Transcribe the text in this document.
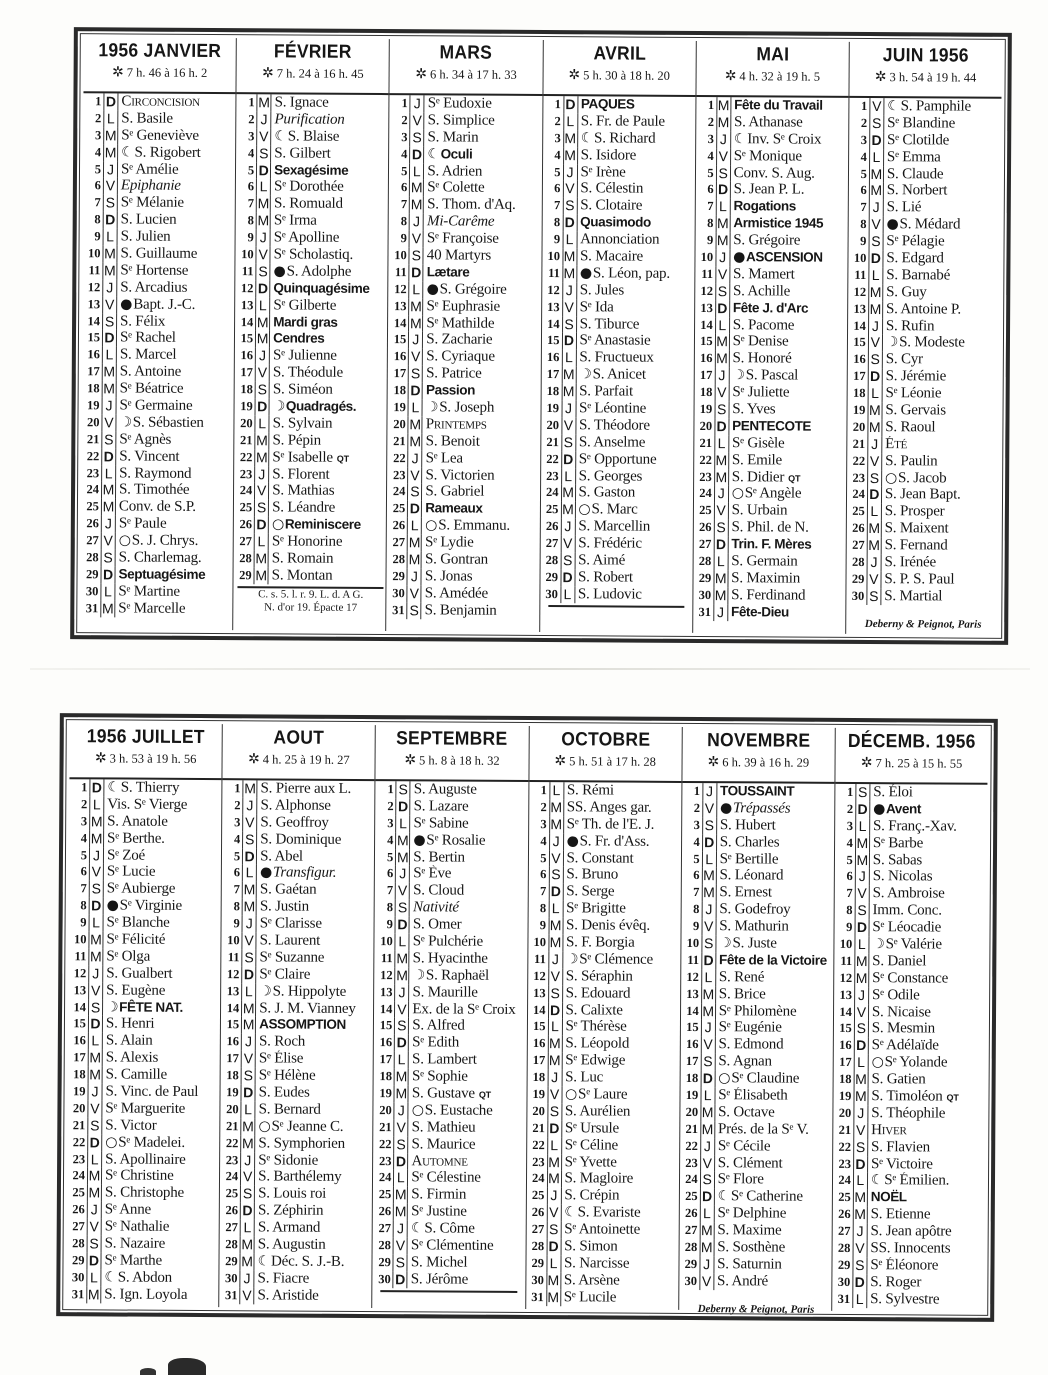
1956 JANVIER
✲ 7 h. 46 à 16 h. 2
1 D Circoncision
2 L S. Basile
3 M Sᵉ Geneviève
4 M ☾S. Rigobert
5 J Sᵉ Amélie
6 V Epiphanie
7 S Sᵉ Mélanie
8 D S. Lucien
9 L S. Julien
10 M S. Guillaume
11 M Sᵉ Hortense
12 J S. Arcadius
13 V ●Bapt. J.-C.
14 S S. Félix
15 D Sᵉ Rachel
16 L S. Marcel
17 M S. Antoine
18 M Sᵉ Béatrice
19 J Sᵉ Germaine
20 V ☽S. Sébastien
21 S Sᵉ Agnès
22 D S. Vincent
23 L S. Raymond
24 M S. Timothée
25 M Conv. de S.P.
26 J Sᵉ Paule
27 V ○S. J. Chrys.
28 S S. Charlemag.
29 D Septuagésime
30 L Sᵉ Martine
31 M Sᵉ Marcelle
FÉVRIER
✲ 7 h. 24 à 16 h. 45
1 M S. Ignace
2 J Purification
3 V ☾S. Blaise
4 S S. Gilbert
5 D Sexagésime
6 L Sᵉ Dorothée
7 M S. Romuald
8 M Sᵉ Irma
9 J Sᵉ Apolline
10 V Sᵉ Scholastiq.
11 S ●S. Adolphe
12 D Quinquagésime
13 L Sᵉ Gilberte
14 M Mardi gras
15 M Cendres
16 J Sᵉ Julienne
17 V S. Théodule
18 S S. Siméon
19 D ☽Quadragés.
20 L S. Sylvain
21 M S. Pépin
22 M Sᵉ Isabelle QT
23 J S. Florent
24 V S. Mathias
25 S S. Léandre
26 D ○Reminiscere
27 L Sᵉ Honorine
28 M S. Romain
29 M S. Montan
C. s. 5. l. r. 9. L. d. A G.
N. d'or 19. Épacte 17
MARS
✲ 6 h. 34 à 17 h. 33
1 J Sᵉ Eudoxie
2 V S. Simplice
3 S S. Marin
4 D ☾Oculi
5 L S. Adrien
6 M Sᵉ Colette
7 M S. Thom. d'Aq.
8 J Mi-Carême
9 V Sᵉ Françoise
10 S 40 Martyrs
11 D Lætare
12 L ●S. Grégoire
13 M Sᵉ Euphrasie
14 M Sᵉ Mathilde
15 J S. Zacharie
16 V S. Cyriaque
17 S S. Patrice
18 D Passion
19 L ☽S. Joseph
20 M Printemps
21 M S. Benoit
22 J Sᵉ Lea
23 V S. Victorien
24 S S. Gabriel
25 D Rameaux
26 L ○S. Emmanu.
27 M Sᵉ Lydie
28 M S. Gontran
29 J S. Jonas
30 V S. Amédée
31 S S. Benjamin
AVRIL
✲ 5 h. 30 à 18 h. 20
1 D PAQUES
2 L S. Fr. de Paule
3 M ☾S. Richard
4 M S. Isidore
5 J Sᵉ Irène
6 V S. Célestin
7 S S. Clotaire
8 D Quasimodo
9 L Annonciation
10 M S. Macaire
11 M ●S. Léon, pap.
12 J S. Jules
13 V Sᵉ Ida
14 S S. Tiburce
15 D Sᵉ Anastasie
16 L S. Fructueux
17 M ☽S. Anicet
18 M S. Parfait
19 J Sᵉ Léontine
20 V S. Théodore
21 S S. Anselme
22 D Sᵉ Opportune
23 L S. Georges
24 M S. Gaston
25 M ○S. Marc
26 J S. Marcellin
27 V S. Frédéric
28 S S. Aimé
29 D S. Robert
30 L S. Ludovic
MAI
✲ 4 h. 32 à 19 h. 5
1 M Fête du Travail
2 M S. Athanase
3 J ☾Inv. Sᵉ Croix
4 V Sᵉ Monique
5 S Conv. S. Aug.
6 D S. Jean P. L.
7 L Rogations
8 M Armistice 1945
9 M S. Grégoire
10 J ●ASCENSION
11 V S. Mamert
12 S S. Achille
13 D Fête J. d'Arc
14 L S. Pacome
15 M Sᵉ Denise
16 M S. Honoré
17 J ☽S. Pascal
18 V Sᵉ Juliette
19 S S. Yves
20 D PENTECOTE
21 L Sᵉ Gisèle
22 M S. Emile
23 M S. Didier QT
24 J ○Sᵉ Angèle
25 V S. Urbain
26 S S. Phil. de N.
27 D Trin. F. Mères
28 L S. Germain
29 M S. Maximin
30 M S. Ferdinand
31 J Fête-Dieu
JUIN 1956
✲ 3 h. 54 à 19 h. 44
1 V ☾S. Pamphile
2 S Sᵉ Blandine
3 D Sᵉ Clotilde
4 L Sᵉ Emma
5 M S. Claude
6 M S. Norbert
7 J S. Lié
8 V ●S. Médard
9 S Sᵉ Pélagie
10 D S. Edgard
11 L S. Barnabé
12 M S. Guy
13 M S. Antoine P.
14 J S. Rufin
15 V ☽S. Modeste
16 S S. Cyr
17 D S. Jérémie
18 L Sᵉ Léonie
19 M S. Gervais
20 M S. Raoul
21 J Été
22 V S. Paulin
23 S ○S. Jacob
24 D S. Jean Bapt.
25 L S. Prosper
26 M S. Maixent
27 M S. Fernand
28 J S. Irénée
29 V S. P. S. Paul
30 S S. Martial
Deberny & Peignot, Paris
1956 JUILLET
✲ 3 h. 53 à 19 h. 56
1 D ☾S. Thierry
2 L Vis. Sᵉ Vierge
3 M S. Anatole
4 M Sᵉ Berthe.
5 J Sᵉ Zoé
6 V Sᵉ Lucie
7 S Sᵉ Aubierge
8 D ●Sᵉ Virginie
9 L Sᵉ Blanche
10 M Sᵉ Félicité
11 M Sᵉ Olga
12 J S. Gualbert
13 V S. Eugène
14 S ☽FÊTE NAT.
15 D S. Henri
16 L S. Alain
17 M S. Alexis
18 M S. Camille
19 J S. Vinc. de Paul
20 V Sᵉ Marguerite
21 S S. Victor
22 D ○Sᵉ Madelei.
23 L S. Apollinaire
24 M Sᵉ Christine
25 M S. Christophe
26 J Sᵉ Anne
27 V Sᵉ Nathalie
28 S S. Nazaire
29 D Sᵉ Marthe
30 L ☾S. Abdon
31 M S. Ign. Loyola
AOUT
✲ 4 h. 25 à 19 h. 27
1 M S. Pierre aux L.
2 J S. Alphonse
3 V S. Geoffroy
4 S S. Dominique
5 D S. Abel
6 L ●Transfigur.
7 M S. Gaétan
8 M S. Justin
9 J Sᵉ Clarisse
10 V S. Laurent
11 S Sᵉ Suzanne
12 D Sᵉ Claire
13 L ☽S. Hippolyte
14 M S. J. M. Vianney
15 M ASSOMPTION
16 J S. Roch
17 V Sᵉ Élise
18 S Sᵉ Hélène
19 D S. Eudes
20 L S. Bernard
21 M ○Sᵉ Jeanne C.
22 M S. Symphorien
23 J Sᵉ Sidonie
24 V S. Barthélemy
25 S S. Louis roi
26 D S. Zéphirin
27 L S. Armand
28 M S. Augustin
29 M ☾Déc. S. J.-B.
30 J S. Fiacre
31 V S. Aristide
SEPTEMBRE
✲ 5 h. 8 à 18 h. 32
1 S S. Auguste
2 D S. Lazare
3 L Sᵉ Sabine
4 M ●Sᵉ Rosalie
5 M S. Bertin
6 J Sᵉ Ève
7 V S. Cloud
8 S Nativité
9 D S. Omer
10 L Sᵉ Pulchérie
11 M S. Hyacinthe
12 M ☽S. Raphaël
13 J S. Maurille
14 V Ex. de la Sᵉ Croix
15 S S. Alfred
16 D Sᵉ Edith
17 L S. Lambert
18 M Sᵉ Sophie
19 M S. Gustave QT
20 J ○S. Eustache
21 V S. Mathieu
22 S S. Maurice
23 D Automne
24 L Sᵉ Célestine
25 M S. Firmin
26 M Sᵉ Justine
27 J ☾S. Côme
28 V Sᵉ Clémentine
29 S S. Michel
30 D S. Jérôme
OCTOBRE
✲ 5 h. 51 à 17 h. 28
1 L S. Rémi
2 M SS. Anges gar.
3 M Sᵉ Th. de l'E. J.
4 J ●S. Fr. d'Ass.
5 V S. Constant
6 S S. Bruno
7 D S. Serge
8 L Sᵉ Brigitte
9 M S. Denis évêq.
10 M S. F. Borgia
11 J ☽Sᵉ Clémence
12 V S. Séraphin
13 S S. Edouard
14 D S. Calixte
15 L Sᵉ Thérèse
16 M S. Léopold
17 M Sᵉ Edwige
18 J S. Luc
19 V ○Sᵉ Laure
20 S S. Aurélien
21 D Sᵉ Ursule
22 L Sᵉ Céline
23 M Sᵉ Yvette
24 M S. Magloire
25 J S. Crépin
26 V ☾S. Evariste
27 S Sᵉ Antoinette
28 D S. Simon
29 L S. Narcisse
30 M S. Arsène
31 M Sᵉ Lucile
NOVEMBRE
✲ 6 h. 39 à 16 h. 29
1 J TOUSSAINT
2 V ●Trépassés
3 S S. Hubert
4 D S. Charles
5 L Sᵉ Bertille
6 M S. Léonard
7 M S. Ernest
8 J S. Godefroy
9 V S. Mathurin
10 S ☽S. Juste
11 D Fête de la Victoire
12 L S. René
13 M S. Brice
14 M Sᵉ Philomène
15 J Sᵉ Eugénie
16 V S. Edmond
17 S S. Agnan
18 D ○Sᵉ Claudine
19 L Sᵉ Élisabeth
20 M S. Octave
21 M Prés. de la Sᵉ V.
22 J Sᵉ Cécile
23 V S. Clément
24 S Sᵉ Flore
25 D ☾Sᵉ Catherine
26 L Sᵉ Delphine
27 M S. Maxime
28 M S. Sosthène
29 J S. Saturnin
30 V S. André
Deberny & Peignot, Paris
DÉCEMB. 1956
✲ 7 h. 25 à 15 h. 55
1 S S. Éloi
2 D ●Avent
3 L S. Franç.-Xav.
4 M Sᵉ Barbe
5 M S. Sabas
6 J S. Nicolas
7 V S. Ambroise
8 S Imm. Conc.
9 D Sᵉ Léocadie
10 L ☽Sᵉ Valérie
11 M S. Daniel
12 M Sᵉ Constance
13 J Sᵉ Odile
14 V S. Nicaise
15 S S. Mesmin
16 D Sᵉ Adélaïde
17 L ○Sᵉ Yolande
18 M S. Gatien
19 M S. Timoléon QT
20 J S. Théophile
21 V Hiver
22 S S. Flavien
23 D Sᵉ Victoire
24 L ☾Sᵉ Émilien.
25 M NOËL
26 M S. Etienne
27 J S. Jean apôtre
28 V SS. Innocents
29 S Sᵉ Éléonore
30 D S. Roger
31 L S. Sylvestre
